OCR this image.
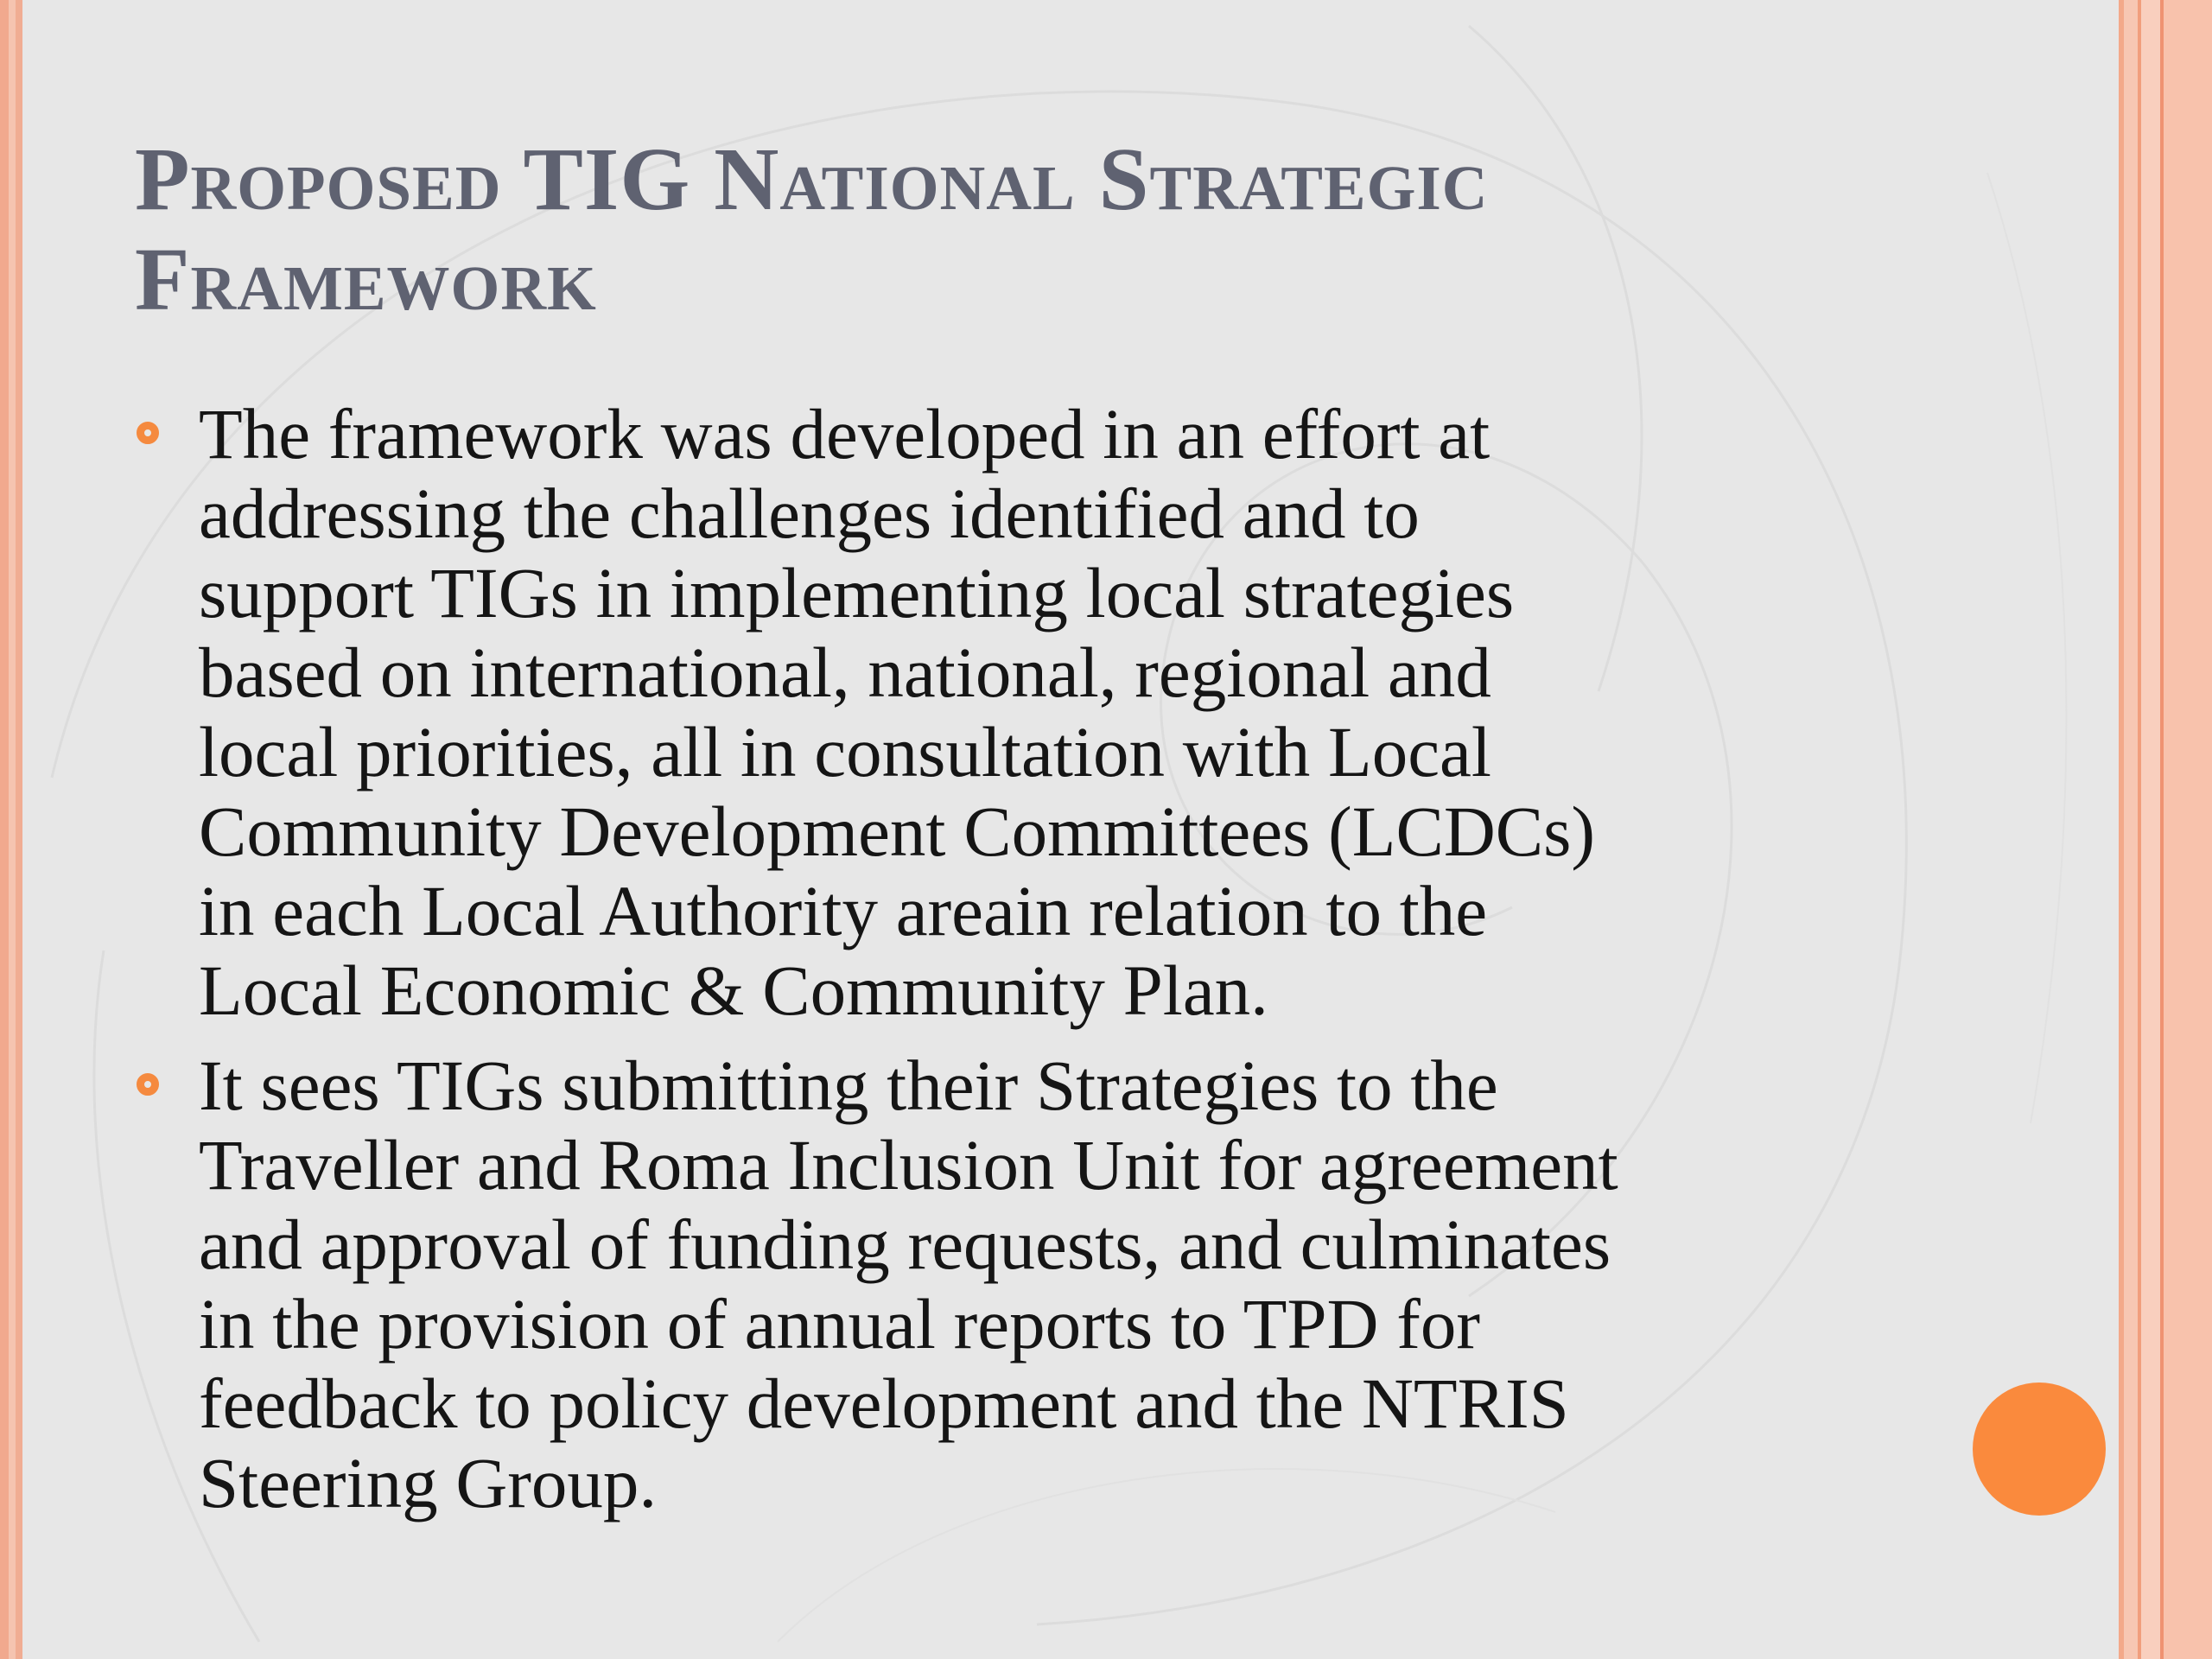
Proposed TIG National Strategic
Framework
The framework was developed in an effort at
addressing the challenges identified and to
support TIGs in implementing local strategies
based on international, national, regional and
local priorities, all in consultation with Local
Community Development Committees (LCDCs)
in each Local Authority areain relation to the
Local Economic & Community Plan.
It sees TIGs submitting their Strategies to the
Traveller and Roma Inclusion Unit for agreement
and approval of funding requests, and culminates
in the provision of annual reports to TPD for
feedback to policy development and the NTRIS
Steering Group.
